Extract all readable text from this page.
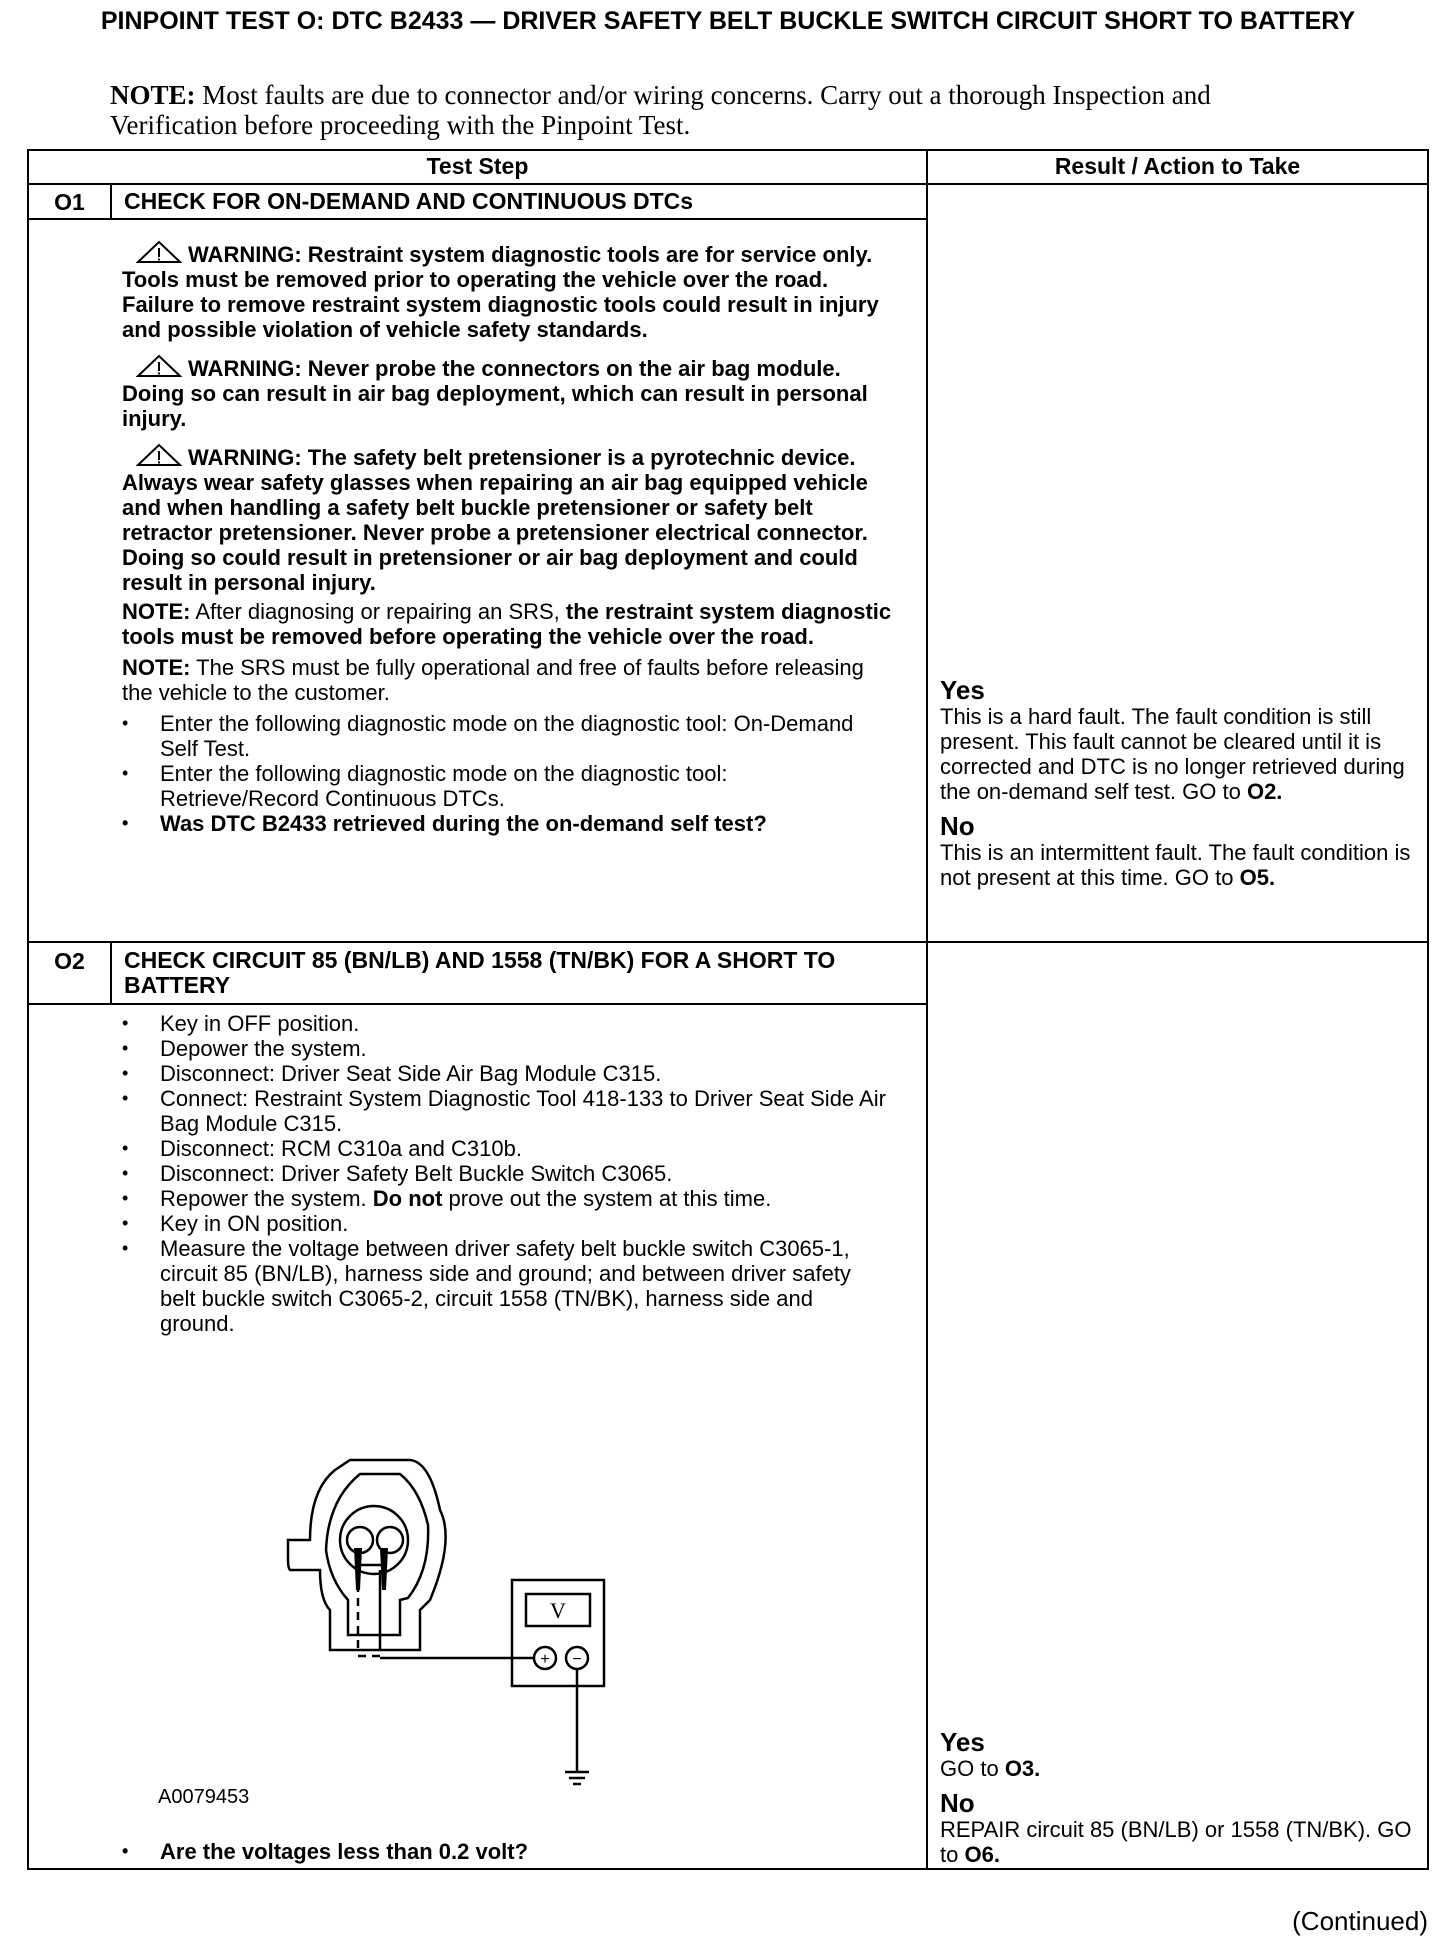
PINPOINT TEST O: DTC B2433 — DRIVER SAFETY BELT BUCKLE SWITCH CIRCUIT SHORT TO BATTERY
NOTE: Most faults are due to connector and/or wiring concerns. Carry out a thorough Inspection and Verification before proceeding with the Pinpoint Test.
Test Step	Result / Action to Take
O1	CHECK FOR ON-DEMAND AND CONTINUOUS DTCs
WARNING: Restraint system diagnostic tools are for service only. Tools must be removed prior to operating the vehicle over the road. Failure to remove restraint system diagnostic tools could result in injury and possible violation of vehicle safety standards.
WARNING: Never probe the connectors on the air bag module. Doing so can result in air bag deployment, which can result in personal injury.
WARNING: The safety belt pretensioner is a pyrotechnic device. Always wear safety glasses when repairing an air bag equipped vehicle and when handling a safety belt buckle pretensioner or safety belt retractor pretensioner. Never probe a pretensioner electrical connector. Doing so could result in pretensioner or air bag deployment and could result in personal injury.
NOTE: After diagnosing or repairing an SRS, the restraint system diagnostic tools must be removed before operating the vehicle over the road.
NOTE: The SRS must be fully operational and free of faults before releasing the vehicle to the customer.
• Enter the following diagnostic mode on the diagnostic tool: On-Demand Self Test.
• Enter the following diagnostic mode on the diagnostic tool: Retrieve/Record Continuous DTCs.
• Was DTC B2433 retrieved during the on-demand self test?
Yes
This is a hard fault. The fault condition is still present. This fault cannot be cleared until it is corrected and DTC is no longer retrieved during the on-demand self test. GO to O2.
No
This is an intermittent fault. The fault condition is not present at this time. GO to O5.
O2	CHECK CIRCUIT 85 (BN/LB) AND 1558 (TN/BK) FOR A SHORT TO BATTERY
• Key in OFF position.
• Depower the system.
• Disconnect: Driver Seat Side Air Bag Module C315.
• Connect: Restraint System Diagnostic Tool 418-133 to Driver Seat Side Air Bag Module C315.
• Disconnect: RCM C310a and C310b.
• Disconnect: Driver Safety Belt Buckle Switch C3065.
• Repower the system. Do not prove out the system at this time.
• Key in ON position.
• Measure the voltage between driver safety belt buckle switch C3065-1, circuit 85 (BN/LB), harness side and ground; and between driver safety belt buckle switch C3065-2, circuit 1558 (TN/BK), harness side and ground.
V
+ −
A0079453
• Are the voltages less than 0.2 volt?
Yes
GO to O3.
No
REPAIR circuit 85 (BN/LB) or 1558 (TN/BK). GO to O6.
(Continued)
